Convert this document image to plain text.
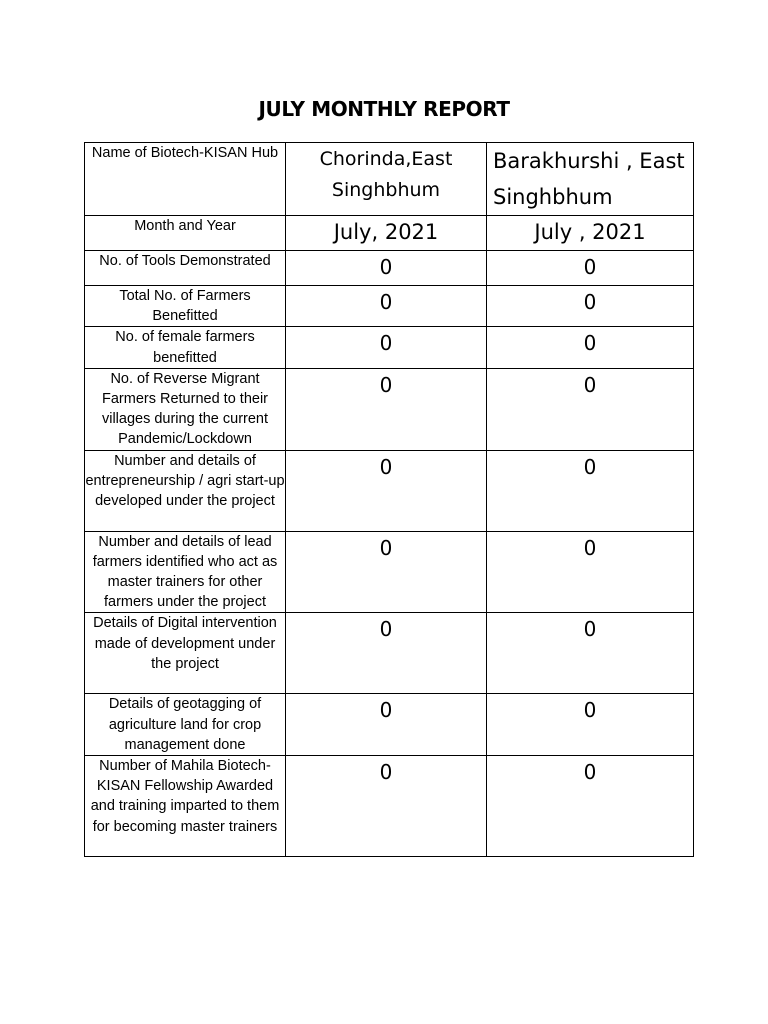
JULY MONTHLY REPORT
Name of Biotech-KISAN Hub	Chorinda,East Singhbhum	Barakhurshi , East Singhbhum
Month and Year	July, 2021	July , 2021
No. of Tools Demonstrated	0	0
Total No. of Farmers Benefitted	0	0
No. of female farmers benefitted	0	0
No. of Reverse Migrant Farmers Returned to their villages during the current Pandemic/Lockdown	0	0
Number and details of entrepreneurship / agri start-up developed under the project	0	0
Number and details of lead farmers identified who act as master trainers for other farmers under the project	0	0
Details of Digital intervention made of development under the project	0	0
Details of geotagging of agriculture land for crop management done	0	0
Number of Mahila Biotech-KISAN Fellowship Awarded and training imparted to them for becoming master trainers	0	0
